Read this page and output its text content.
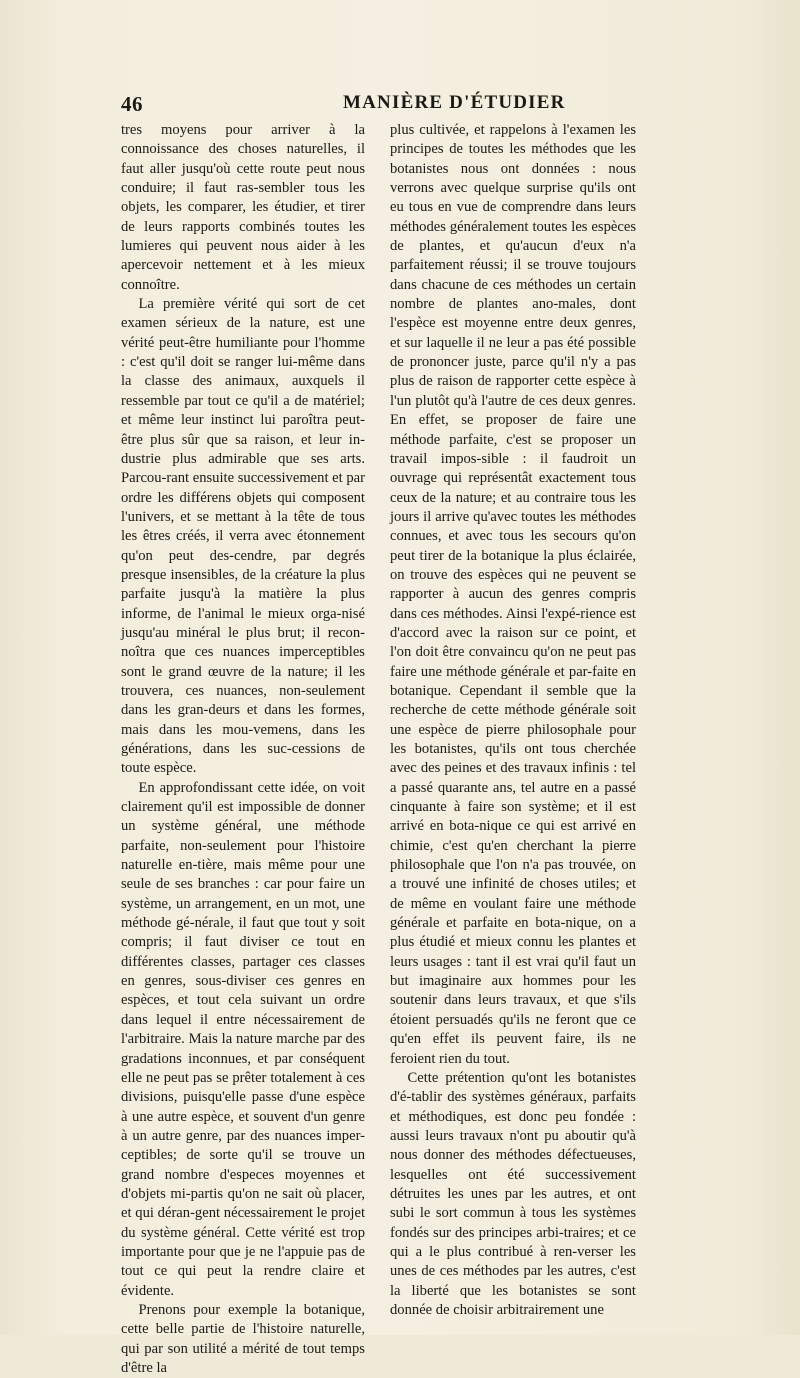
46	MANIÈRE D'ÉTUDIER

tres moyens pour arriver à la connoissance des choses naturelles, il faut aller jusqu'où cette route peut nous conduire; il faut ras-sembler tous les objets, les comparer, les étudier, et tirer de leurs rapports combinés toutes les lumieres qui peuvent nous aider à les apercevoir nettement et à les mieux connoître.

La première vérité qui sort de cet examen sérieux de la nature, est une vérité peut-être humiliante pour l'homme : c'est qu'il doit se ranger lui-même dans la classe des animaux, auxquels il ressemble par tout ce qu'il a de matériel; et même leur instinct lui paroîtra peut-être plus sûr que sa raison, et leur in-dustrie plus admirable que ses arts. Parcou-rant ensuite successivement et par ordre les différens objets qui composent l'univers, et se mettant à la tête de tous les êtres créés, il verra avec étonnement qu'on peut des-cendre, par degrés presque insensibles, de la créature la plus parfaite jusqu'à la matière la plus informe, de l'animal le mieux orga-nisé jusqu'au minéral le plus brut; il recon-noîtra que ces nuances imperceptibles sont le grand œuvre de la nature; il les trouvera, ces nuances, non-seulement dans les gran-deurs et dans les formes, mais dans les mou-vemens, dans les générations, dans les suc-cessions de toute espèce.

En approfondissant cette idée, on voit clairement qu'il est impossible de donner un système général, une méthode parfaite, non-seulement pour l'histoire naturelle en-tière, mais même pour une seule de ses branches : car pour faire un système, un arrangement, en un mot, une méthode gé-nérale, il faut que tout y soit compris; il faut diviser ce tout en différentes classes, partager ces classes en genres, sous-diviser ces genres en espèces, et tout cela suivant un ordre dans lequel il entre nécessairement de l'arbitraire. Mais la nature marche par des gradations inconnues, et par conséquent elle ne peut pas se prêter totalement à ces divisions, puisqu'elle passe d'une espèce à une autre espèce, et souvent d'un genre à un autre genre, par des nuances imper-ceptibles; de sorte qu'il se trouve un grand nombre d'especes moyennes et d'objets mi-partis qu'on ne sait où placer, et qui déran-gent nécessairement le projet du système général. Cette vérité est trop importante pour que je ne l'appuie pas de tout ce qui peut la rendre claire et évidente.

Prenons pour exemple la botanique, cette belle partie de l'histoire naturelle, qui par son utilité a mérité de tout temps d'être la

plus cultivée, et rappelons à l'examen les principes de toutes les méthodes que les botanistes nous ont données : nous verrons avec quelque surprise qu'ils ont eu tous en vue de comprendre dans leurs méthodes généralement toutes les espèces de plantes, et qu'aucun d'eux n'a parfaitement réussi; il se trouve toujours dans chacune de ces méthodes un certain nombre de plantes ano-males, dont l'espèce est moyenne entre deux genres, et sur laquelle il ne leur a pas été possible de prononcer juste, parce qu'il n'y a pas plus de raison de rapporter cette espèce à l'un plutôt qu'à l'autre de ces deux genres. En effet, se proposer de faire une méthode parfaite, c'est se proposer un travail impos-sible : il faudroit un ouvrage qui représentât exactement tous ceux de la nature; et au contraire tous les jours il arrive qu'avec toutes les méthodes connues, et avec tous les secours qu'on peut tirer de la botanique la plus éclairée, on trouve des espèces qui ne peuvent se rapporter à aucun des genres compris dans ces méthodes. Ainsi l'expé-rience est d'accord avec la raison sur ce point, et l'on doit être convaincu qu'on ne peut pas faire une méthode générale et par-faite en botanique. Cependant il semble que la recherche de cette méthode générale soit une espèce de pierre philosophale pour les botanistes, qu'ils ont tous cherchée avec des peines et des travaux infinis : tel a passé quarante ans, tel autre en a passé cinquante à faire son système; et il est arrivé en bota-nique ce qui est arrivé en chimie, c'est qu'en cherchant la pierre philosophale que l'on n'a pas trouvée, on a trouvé une infinité de choses utiles; et de même en voulant faire une méthode générale et parfaite en bota-nique, on a plus étudié et mieux connu les plantes et leurs usages : tant il est vrai qu'il faut un but imaginaire aux hommes pour les soutenir dans leurs travaux, et que s'ils étoient persuadés qu'ils ne feront que ce qu'en effet ils peuvent faire, ils ne feroient rien du tout.

Cette prétention qu'ont les botanistes d'é-tablir des systèmes généraux, parfaits et méthodiques, est donc peu fondée : aussi leurs travaux n'ont pu aboutir qu'à nous donner des méthodes défectueuses, lesquelles ont été successivement détruites les unes par les autres, et ont subi le sort commun à tous les systèmes fondés sur des principes arbi-traires; et ce qui a le plus contribué à ren-verser les unes de ces méthodes par les autres, c'est la liberté que les botanistes se sont donnée de choisir arbitrairement une
